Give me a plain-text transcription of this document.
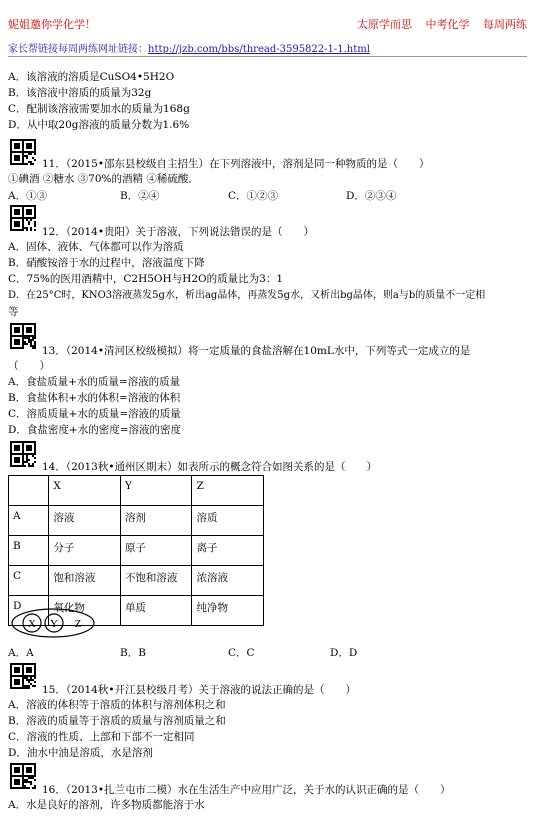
妮姐邀你学化学！	太原学而思 中考化学 每周两练
家长帮链接每周两练网址链接：http://jzb.com/bbs/thread-3595822-1-1.html
A．该溶液的溶质是CuSO4•5H2O
B．该溶液中溶质的质量为32g
C．配制该溶液需要加水的质量为168g
D．从中取20g溶液的质量分数为1.6%
11．（2015•邵东县校级自主招生）在下列溶液中，溶剂是同一种物质的是（　　）
①碘酒 ②糖水 ③70%的酒精 ④稀硫酸．
A．①③	B．②④	C．①②③	D．②③④
12．（2014•贵阳）关于溶液，下列说法错误的是（　　）
A．固体、液体、气体都可以作为溶质
B．硝酸铵溶于水的过程中，溶液温度下降
C．75%的医用酒精中，C2H5OH与H2O的质量比为3：1
D．在25°C时，KNO3溶液蒸发5g水，析出ag晶体，再蒸发5g水，又析出bg晶体，则a与b的质量不一定相
等
13．（2014•清河区校级模拟）将一定质量的食盐溶解在10mL水中，下列等式一定成立的是
（　　）
A．食盐质量+水的质量=溶液的质量
B．食盐体积+水的体积=溶液的体积
C．溶质质量+水的质量=溶液的质量
D．食盐密度+水的密度=溶液的密度
14．（2013秋•通州区期末）如表所示的概念符合如图关系的是（　　）
	X	Y	Z
A	溶液	溶剂	溶质
B	分子	原子	离子
C	饱和溶液	不饱和溶液	浓溶液
D	氧化物	单质	纯净物
X Y Z
A．A	B．B	C．C	D．D
15．（2014秋•开江县校级月考）关于溶液的说法正确的是（　　）
A．溶液的体积等于溶质的体积与溶剂体积之和
B．溶液的质量等于溶质的质量与溶剂质量之和
C．溶液的性质、上部和下部不一定相同
D．油水中油是溶质，水是溶剂
16．（2013•扎兰屯市二模）水在生活生产中应用广泛，关于水的认识正确的是（　　）
A．水是良好的溶剂，许多物质都能溶于水
